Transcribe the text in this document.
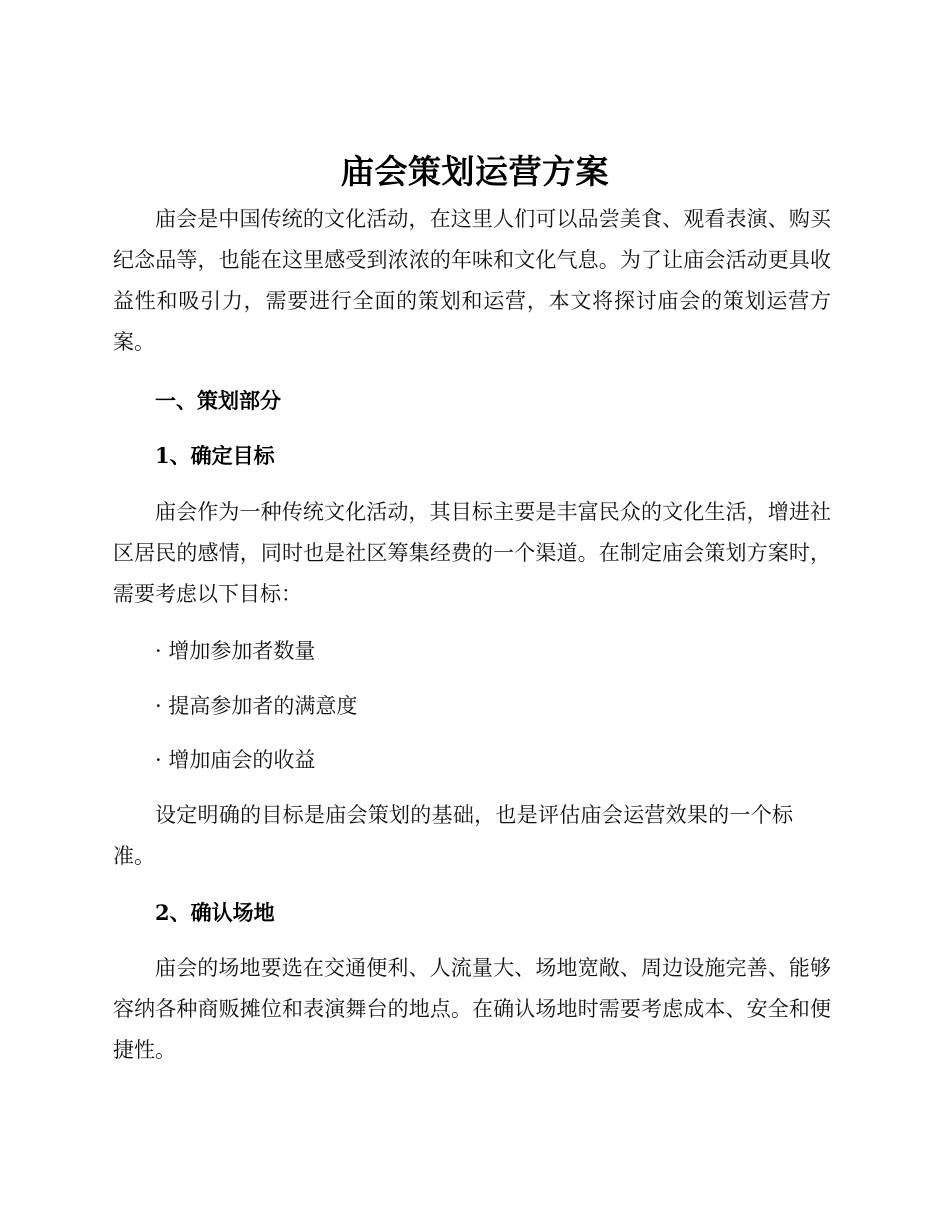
庙会策划运营方案

庙会是中国传统的文化活动，在这里人们可以品尝美食、观看表演、购买纪念品等，也能在这里感受到浓浓的年味和文化气息。为了让庙会活动更具收益性和吸引力，需要进行全面的策划和运营，本文将探讨庙会的策划运营方案。

一、策划部分

1、确定目标

庙会作为一种传统文化活动，其目标主要是丰富民众的文化生活，增进社区居民的感情，同时也是社区筹集经费的一个渠道。在制定庙会策划方案时，需要考虑以下目标：

· 增加参加者数量

· 提高参加者的满意度

· 增加庙会的收益

设定明确的目标是庙会策划的基础，也是评估庙会运营效果的一个标准。

2、确认场地

庙会的场地要选在交通便利、人流量大、场地宽敞、周边设施完善、能够容纳各种商贩摊位和表演舞台的地点。在确认场地时需要考虑成本、安全和便捷性。
